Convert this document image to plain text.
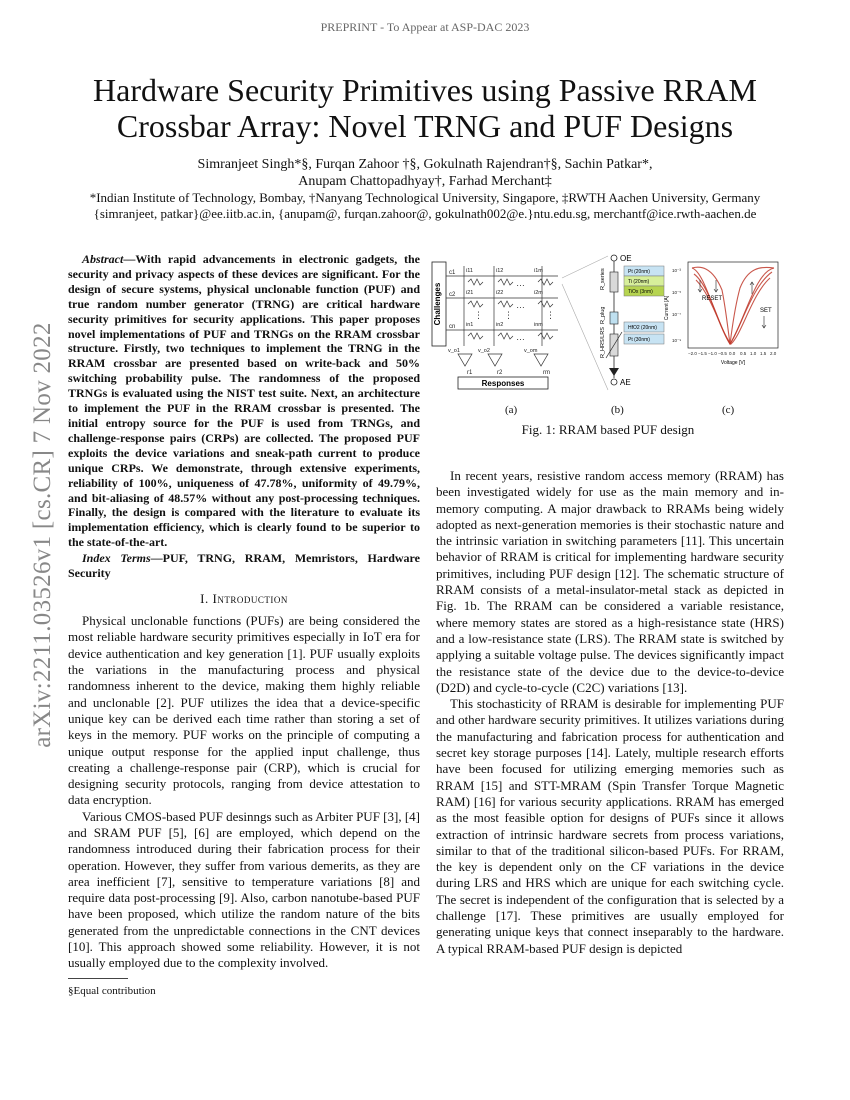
PREPRINT - To Appear at ASP-DAC 2023
arXiv:2211.03526v1 [cs.CR] 7 Nov 2022
Hardware Security Primitives using Passive RRAM
Crossbar Array: Novel TRNG and PUF Designs
Simranjeet Singh*§, Furqan Zahoor †§, Gokulnath Rajendran†§, Sachin Patkar*,
Anupam Chattopadhyay†, Farhad Merchant‡
*Indian Institute of Technology, Bombay, †Nanyang Technological University, Singapore, ‡RWTH Aachen University, Germany
{simranjeet, patkar}@ee.iitb.ac.in, {anupam@, furqan.zahoor@, gokulnath002@e.}ntu.edu.sg, merchantf@ice.rwth-aachen.de

Abstract—With rapid advancements in electronic gadgets, the security and privacy aspects of these devices are significant. For the design of secure systems, physical unclonable function (PUF) and true random number generator (TRNG) are critical hardware security primitives for security applications. This paper proposes novel implementations of PUF and TRNGs on the RRAM crossbar structure. Firstly, two techniques to implement the TRNG in the RRAM crossbar are presented based on write-back and 50% switching probability pulse. The randomness of the proposed TRNGs is evaluated using the NIST test suite. Next, an architecture to implement the PUF in the RRAM crossbar is presented. The initial entropy source for the PUF is used from TRNGs, and challenge-response pairs (CRPs) are collected. The proposed PUF exploits the device variations and sneak-path current to produce unique CRPs. We demonstrate, through extensive experiments, reliability of 100%, uniqueness of 47.78%, uniformity of 49.79%, and bit-aliasing of 48.57% without any post-processing techniques. Finally, the design is compared with the literature to evaluate its implementation efficiency, which is clearly found to be superior to the state-of-the-art.

Index Terms—PUF, TRNG, RRAM, Memristors, Hardware Security

I. Introduction

Physical unclonable functions (PUFs) are being considered the most reliable hardware security primitives especially in IoT era for device authentication and key generation [1]. PUF usually exploits the variations in the manufacturing process and physical randomness inherent to the device, making them highly reliable and unclonable [2]. PUF utilizes the idea that a device-specific unique key can be derived each time rather than storing a set of keys in the memory. PUF works on the principle of computing a unique output response for the applied input challenge, thus creating a challenge-response pair (CRP), which is crucial for designing security protocols, ranging from device attestation to data encryption.

Various CMOS-based PUF desinngs such as Arbiter PUF [3], [4] and SRAM PUF [5], [6] are employed, which depend on the randomness introduced during their fabrication process for their operation. However, they suffer from various demerits, as they are area inefficient [7], sensitive to temperature variations [8] and require data post-processing [9]. Also, carbon nanotube-based PUF have been proposed, which utilize the random nature of the bits generated from the unpredictable connections in the CNT devices [10]. This approach showed some reliability. However, it is not usually employed due to the complexity involved.

§Equal contribution
Challenges
c1
c2
cn
i11	i12	i1m
i21	i22	i2m
in1	in2	inm
…
…
…
⋮ ⋮	⋮
v_o1	v_o2	v_om
r1	r2	rm
Responses
OE
AE
R_series
R_plug
R_HRS/LRS
Pt (20nm)
Ti (20nm)
TiOx (3nm)
HfO2 (20nm)
Pt (30nm)
10⁻³
10⁻⁵
10⁻⁷
10⁻⁹
Current [A]
−2.0 −1.5 −1.0 −0.5 0.0 0.5 1.0 1.5 2.0
Voltage [V]
RESET
SET
(a)	(b)	(c)
Fig. 1: RRAM based PUF design

In recent years, resistive random access memory (RRAM) has been investigated widely for use as the main memory and in-memory computing. A major drawback to RRAMs being widely adopted as next-generation memories is their stochastic nature and the intrinsic variation in switching parameters [11]. This uncertain behavior of RRAM is critical for implementing hardware security primitives, including PUF design [12]. The schematic structure of RRAM consists of a metal-insulator-metal stack as depicted in Fig. 1b. The RRAM can be considered a variable resistance, where memory states are stored as a high-resistance state (HRS) and a low-resistance state (LRS). The RRAM state is switched by applying a suitable voltage pulse. The devices significantly impact the resistance state of the device due to the device-to-device (D2D) and cycle-to-cycle (C2C) variations [13].

This stochasticity of RRAM is desirable for implementing PUF and other hardware security primitives. It utilizes variations during the manufacturing and fabrication process for authentication and secret key storage purposes [14]. Lately, multiple research efforts have been focused for utilizing emerging memories such as RRAM [15] and STT-MRAM (Spin Transfer Torque Magnetic RAM) [16] for various security applications. RRAM has emerged as the most feasible option for designs of PUFs since it allows extraction of intrinsic hardware secrets from process variations, similar to that of the traditional silicon-based PUFs. For RRAM, the key is dependent only on the CF variations in the device during LRS and HRS which are unique for each switching cycle. The secret is independent of the configuration that is selected by a challenge [17]. These primitives are usually employed for generating unique keys that connect inseparably to the hardware. A typical RRAM-based PUF design is depicted
